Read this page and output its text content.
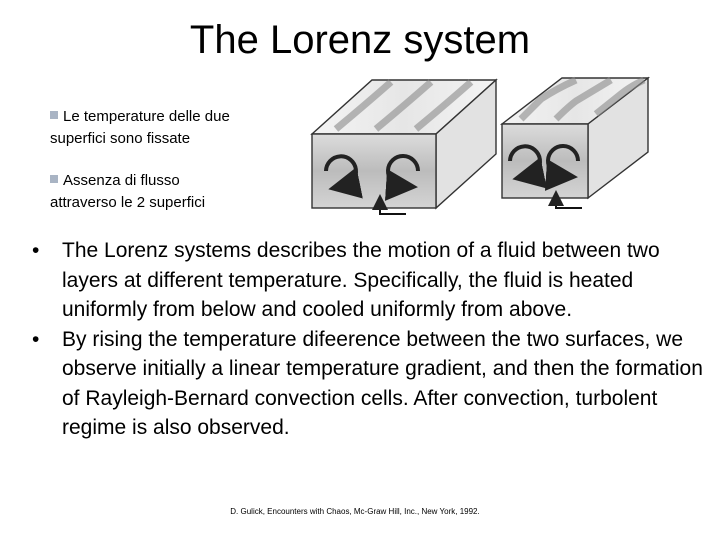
The Lorenz system
Le temperature delle due
superfici sono fissate
Assenza di flusso
attraverso le 2 superfici
• The Lorenz systems describes the motion of a fluid between two layers at different temperature. Specifically, the fluid is heated uniformly from below and cooled uniformly from above.
• By rising the temperature difeerence between the two surfaces, we observe initially a linear temperature gradient, and then the formation of Rayleigh-Bernard convection cells. After convection, turbolent regime is also observed.
D. Gulick, Encounters with Chaos, Mc-Graw Hill, Inc., New York, 1992.
